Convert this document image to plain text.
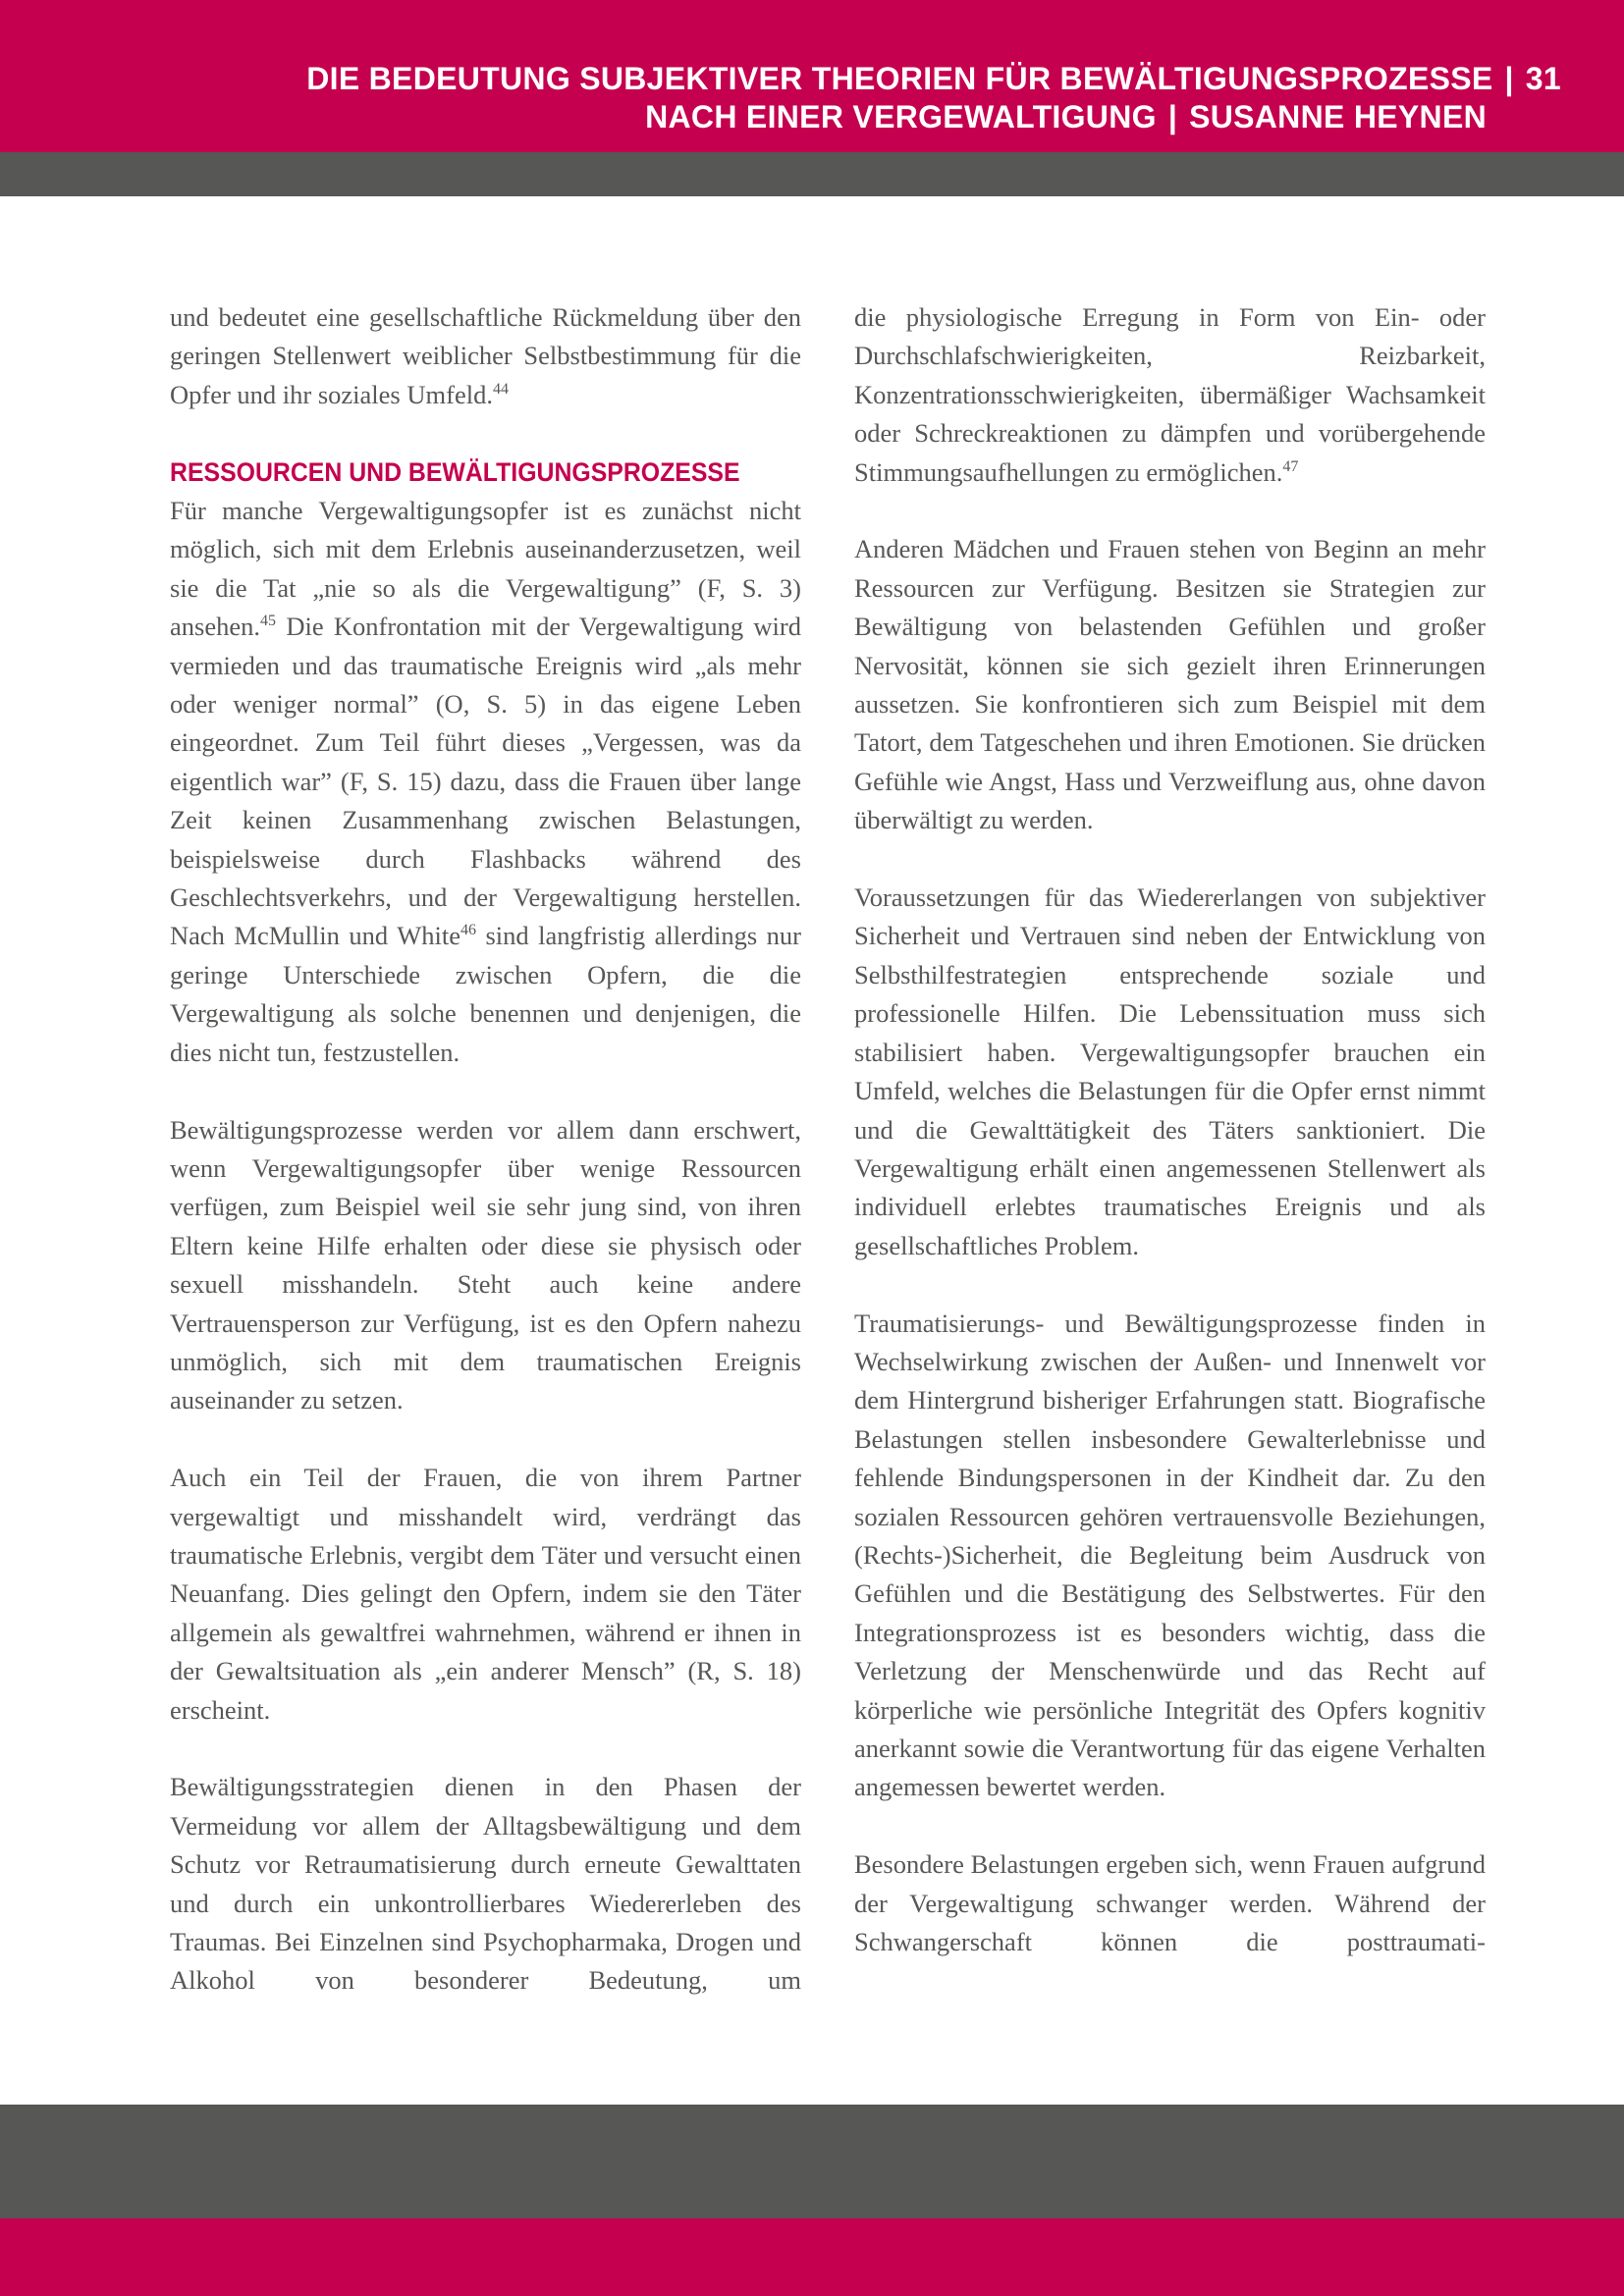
DIE BEDEUTUNG SUBJEKTIVER THEORIEN FÜR BEWÄLTIGUNGSPROZESSE | 31
NACH EINER VERGEWALTIGUNG | SUSANNE HEYNEN

und bedeutet eine gesellschaftliche Rückmeldung über den geringen Stellenwert weiblicher Selbstbestimmung für die Opfer und ihr soziales Umfeld.$^{44}$

RESSOURCEN UND BEWÄLTIGUNGSPROZESSE

Für manche Vergewaltigungsopfer ist es zunächst nicht möglich, sich mit dem Erlebnis auseinanderzusetzen, weil sie die Tat „nie so als die Vergewaltigung” (F, S. 3) ansehen.$^{45}$ Die Konfrontation mit der Vergewaltigung wird vermieden und das traumatische Ereignis wird „als mehr oder weniger normal” (O, S. 5) in das eigene Leben eingeordnet. Zum Teil führt dieses „Vergessen, was da eigentlich war” (F, S. 15) dazu, dass die Frauen über lange Zeit keinen Zusammenhang zwischen Belastungen, beispielsweise durch Flashbacks während des Geschlechtsverkehrs, und der Vergewaltigung herstellen. Nach McMullin und White$^{46}$ sind langfristig allerdings nur geringe Unterschiede zwischen Opfern, die die Vergewaltigung als solche benennen und denjenigen, die dies nicht tun, festzustellen.

Bewältigungsprozesse werden vor allem dann erschwert, wenn Vergewaltigungsopfer über wenige Ressourcen verfügen, zum Beispiel weil sie sehr jung sind, von ihren Eltern keine Hilfe erhalten oder diese sie physisch oder sexuell misshandeln. Steht auch keine andere Vertrauensperson zur Verfügung, ist es den Opfern nahezu unmöglich, sich mit dem traumatischen Ereignis auseinander zu setzen.

Auch ein Teil der Frauen, die von ihrem Partner vergewaltigt und misshandelt wird, verdrängt das traumatische Erlebnis, vergibt dem Täter und versucht einen Neuanfang. Dies gelingt den Opfern, indem sie den Täter allgemein als gewaltfrei wahrnehmen, während er ihnen in der Gewaltsituation als „ein anderer Mensch” (R, S. 18) erscheint.

Bewältigungsstrategien dienen in den Phasen der Vermeidung vor allem der Alltagsbewältigung und dem Schutz vor Retraumatisierung durch erneute Gewalttaten und durch ein unkontrollierbares Wiedererleben des Traumas. Bei Einzelnen sind Psychopharmaka, Drogen und Alkohol von besonderer Bedeutung, um

die physiologische Erregung in Form von Ein- oder Durchschlafschwierigkeiten, Reizbarkeit, Konzentrationsschwierigkeiten, übermäßiger Wachsamkeit oder Schreckreaktionen zu dämpfen und vorübergehende Stimmungsaufhellungen zu ermöglichen.$^{47}$

Anderen Mädchen und Frauen stehen von Beginn an mehr Ressourcen zur Verfügung. Besitzen sie Strategien zur Bewältigung von belastenden Gefühlen und großer Nervosität, können sie sich gezielt ihren Erinnerungen aussetzen. Sie konfrontieren sich zum Beispiel mit dem Tatort, dem Tatgeschehen und ihren Emotionen. Sie drücken Gefühle wie Angst, Hass und Verzweiflung aus, ohne davon überwältigt zu werden.

Voraussetzungen für das Wiedererlangen von subjektiver Sicherheit und Vertrauen sind neben der Entwicklung von Selbsthilfestrategien entsprechende soziale und professionelle Hilfen. Die Lebenssituation muss sich stabilisiert haben. Vergewaltigungsopfer brauchen ein Umfeld, welches die Belastungen für die Opfer ernst nimmt und die Gewalttätigkeit des Täters sanktioniert. Die Vergewaltigung erhält einen angemessenen Stellenwert als individuell erlebtes traumatisches Ereignis und als gesellschaftliches Problem.

Traumatisierungs- und Bewältigungsprozesse finden in Wechselwirkung zwischen der Außen- und Innenwelt vor dem Hintergrund bisheriger Erfahrungen statt. Biografische Belastungen stellen insbesondere Gewalterlebnisse und fehlende Bindungspersonen in der Kindheit dar. Zu den sozialen Ressourcen gehören vertrauensvolle Beziehungen, (Rechts-)Sicherheit, die Begleitung beim Ausdruck von Gefühlen und die Bestätigung des Selbstwertes. Für den Integrationsprozess ist es besonders wichtig, dass die Verletzung der Menschenwürde und das Recht auf körperliche wie persönliche Integrität des Opfers kognitiv anerkannt sowie die Verantwortung für das eigene Verhalten angemessen bewertet werden.

Besondere Belastungen ergeben sich, wenn Frauen aufgrund der Vergewaltigung schwanger werden. Während der Schwangerschaft können die posttraumati-
